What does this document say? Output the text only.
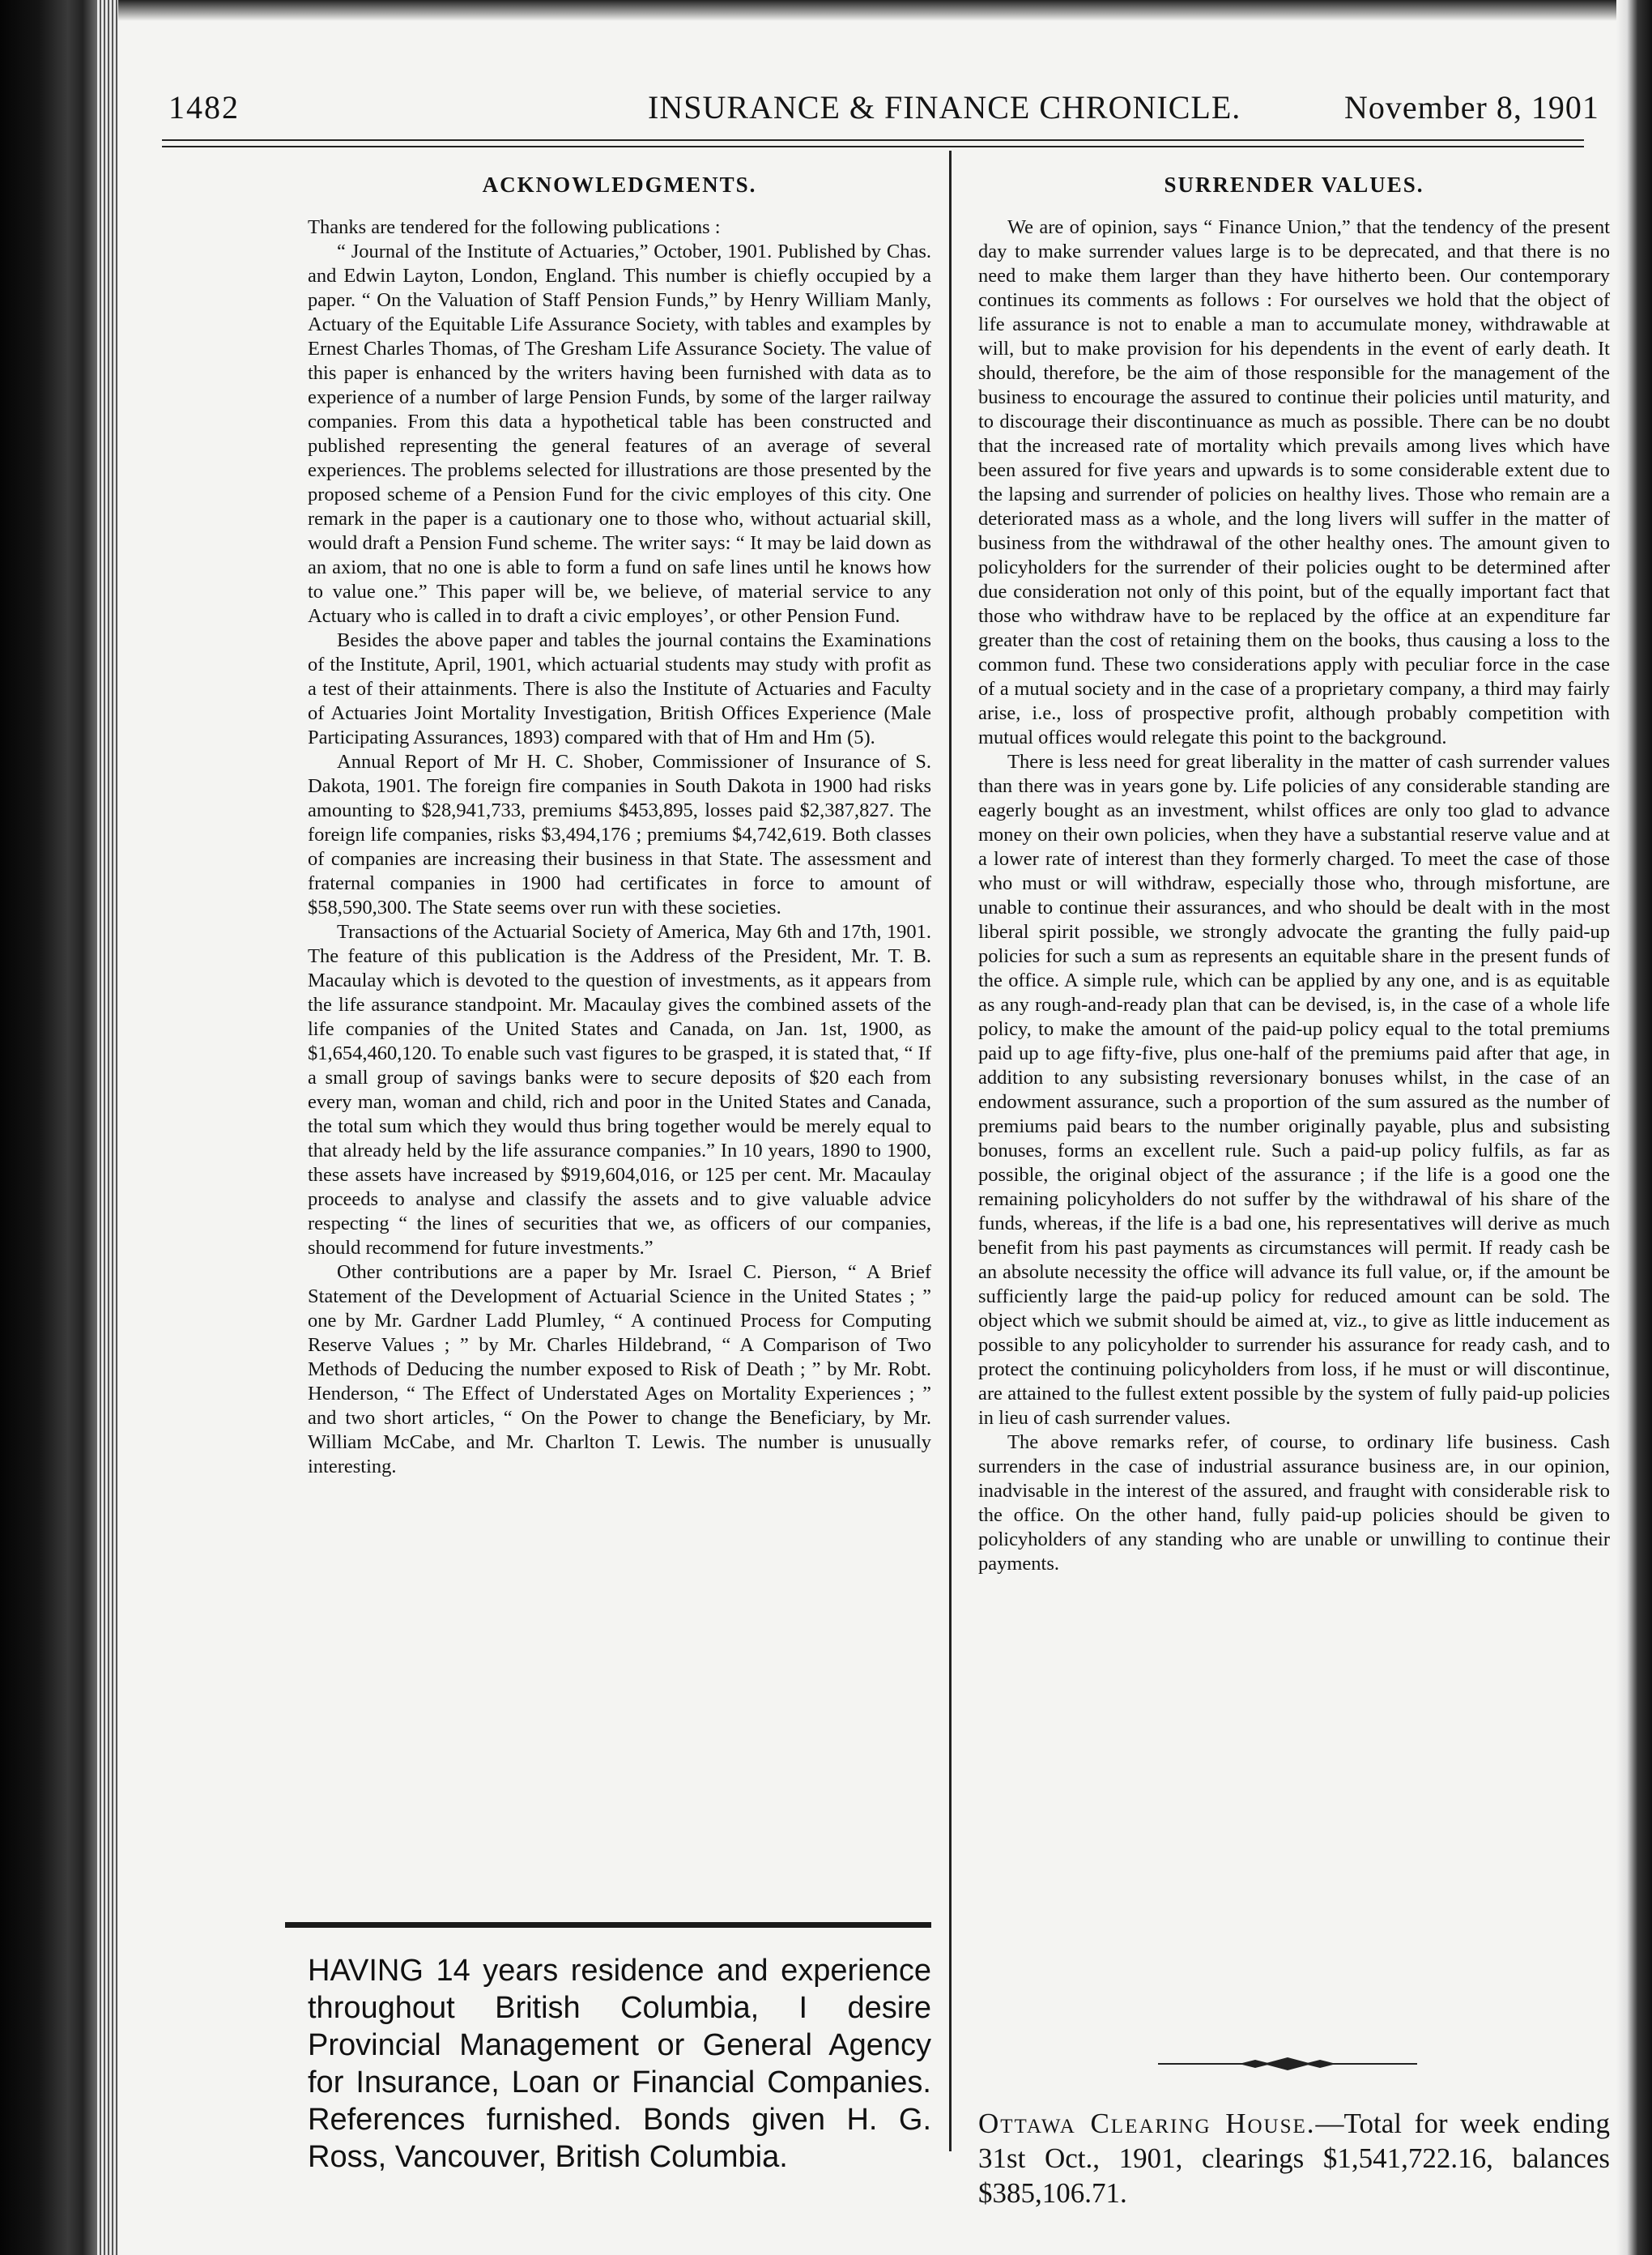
1482	INSURANCE & FINANCE CHRONICLE.	November 8, 1901
ACKNOWLEDGMENTS.

Thanks are tendered for the following publications :

“ Journal of the Institute of Actuaries,” October, 1901. Published by Chas. and Edwin Layton, London, England. This number is chiefly occupied by a paper. “ On the Valuation of Staff Pension Funds,” by Henry William Manly, Actuary of the Equitable Life Assurance Society, with tables and examples by Ernest Charles Thomas, of The Gresham Life Assurance Society. The value of this paper is enhanced by the writers having been furnished with data as to experience of a number of large Pension Funds, by some of the larger railway companies. From this data a hypothetical table has been constructed and published representing the general features of an average of several experiences. The problems selected for illustrations are those presented by the proposed scheme of a Pension Fund for the civic employes of this city. One remark in the paper is a cautionary one to those who, without actuarial skill, would draft a Pension Fund scheme. The writer says: “ It may be laid down as an axiom, that no one is able to form a fund on safe lines until he knows how to value one.” This paper will be, we believe, of material service to any Actuary who is called in to draft a civic employes’, or other Pension Fund.

Besides the above paper and tables the journal contains the Examinations of the Institute, April, 1901, which actuarial students may study with profit as a test of their attainments. There is also the Institute of Actuaries and Faculty of Actuaries Joint Mortality Investigation, British Offices Experience (Male Participating Assurances, 1893) compared with that of Hm and Hm (5).

Annual Report of Mr H. C. Shober, Commissioner of Insurance of S. Dakota, 1901. The foreign fire companies in South Dakota in 1900 had risks amounting to $28,941,733, premiums $453,895, losses paid $2,387,827. The foreign life companies, risks $3,494,176 ; premiums $4,742,619. Both classes of companies are increasing their business in that State. The assessment and fraternal companies in 1900 had certificates in force to amount of $58,590,300. The State seems over run with these societies.

Transactions of the Actuarial Society of America, May 6th and 17th, 1901. The feature of this publication is the Address of the President, Mr. T. B. Macaulay which is devoted to the question of investments, as it appears from the life assurance standpoint. Mr. Macaulay gives the combined assets of the life companies of the United States and Canada, on Jan. 1st, 1900, as $1,654,460,120. To enable such vast figures to be grasped, it is stated that, “ If a small group of savings banks were to secure deposits of $20 each from every man, woman and child, rich and poor in the United States and Canada, the total sum which they would thus bring together would be merely equal to that already held by the life assurance companies.” In 10 years, 1890 to 1900, these assets have increased by $919,604,016, or 125 per cent. Mr. Macaulay proceeds to analyse and classify the assets and to give valuable advice respecting “ the lines of securities that we, as officers of our companies, should recommend for future investments.”

Other contributions are a paper by Mr. Israel C. Pierson, “ A Brief Statement of the Development of Actuarial Science in the United States ; ” one by Mr. Gardner Ladd Plumley, “ A continued Process for Computing Reserve Values ; ” by Mr. Charles Hildebrand, “ A Comparison of Two Methods of Deducing the number exposed to Risk of Death ; ” by Mr. Robt. Henderson, “ The Effect of Understated Ages on Mortality Experiences ; ” and two short articles, “ On the Power to change the Beneficiary, by Mr. William McCabe, and Mr. Charlton T. Lewis. The number is unusually interesting.

HAVING 14 years residence and experience throughout British Columbia, I desire Provincial Management or General Agency for Insurance, Loan or Financial Companies. References furnished. Bonds given H. G. Ross, Vancouver, British Columbia.
SURRENDER VALUES.

We are of opinion, says “ Finance Union,” that the tendency of the present day to make surrender values large is to be deprecated, and that there is no need to make them larger than they have hitherto been. Our contemporary continues its comments as follows : For ourselves we hold that the object of life assurance is not to enable a man to accumulate money, withdrawable at will, but to make provision for his dependents in the event of early death. It should, therefore, be the aim of those responsible for the management of the business to encourage the assured to continue their policies until maturity, and to discourage their discontinuance as much as possible. There can be no doubt that the increased rate of mortality which prevails among lives which have been assured for five years and upwards is to some considerable extent due to the lapsing and surrender of policies on healthy lives. Those who remain are a deteriorated mass as a whole, and the long livers will suffer in the matter of business from the withdrawal of the other healthy ones. The amount given to policyholders for the surrender of their policies ought to be determined after due consideration not only of this point, but of the equally important fact that those who withdraw have to be replaced by the office at an expenditure far greater than the cost of retaining them on the books, thus causing a loss to the common fund. These two considerations apply with peculiar force in the case of a mutual society and in the case of a proprietary company, a third may fairly arise, i.e., loss of prospective profit, although probably competition with mutual offices would relegate this point to the background.

There is less need for great liberality in the matter of cash surrender values than there was in years gone by. Life policies of any considerable standing are eagerly bought as an investment, whilst offices are only too glad to advance money on their own policies, when they have a substantial reserve value and at a lower rate of interest than they formerly charged. To meet the case of those who must or will withdraw, especially those who, through misfortune, are unable to continue their assurances, and who should be dealt with in the most liberal spirit possible, we strongly advocate the granting the fully paid-up policies for such a sum as represents an equitable share in the present funds of the office. A simple rule, which can be applied by any one, and is as equitable as any rough-and-ready plan that can be devised, is, in the case of a whole life policy, to make the amount of the paid-up policy equal to the total premiums paid up to age fifty-five, plus one-half of the premiums paid after that age, in addition to any subsisting reversionary bonuses whilst, in the case of an endowment assurance, such a proportion of the sum assured as the number of premiums paid bears to the number originally payable, plus and subsisting bonuses, forms an excellent rule. Such a paid-up policy fulfils, as far as possible, the original object of the assurance ; if the life is a good one the remaining policyholders do not suffer by the withdrawal of his share of the funds, whereas, if the life is a bad one, his representatives will derive as much benefit from his past payments as circumstances will permit. If ready cash be an absolute necessity the office will advance its full value, or, if the amount be sufficiently large the paid-up policy for reduced amount can be sold. The object which we submit should be aimed at, viz., to give as little inducement as possible to any policyholder to surrender his assurance for ready cash, and to protect the continuing policyholders from loss, if he must or will discontinue, are attained to the fullest extent possible by the system of fully paid-up policies in lieu of cash surrender values.

The above remarks refer, of course, to ordinary life business. Cash surrenders in the case of industrial assurance business are, in our opinion, inadvisable in the interest of the assured, and fraught with considerable risk to the office. On the other hand, fully paid-up policies should be given to policyholders of any standing who are unable or unwilling to continue their payments.

Ottawa Clearing House.—Total for week ending 31st Oct., 1901, clearings $1,541,722.16, balances $385,106.71.
